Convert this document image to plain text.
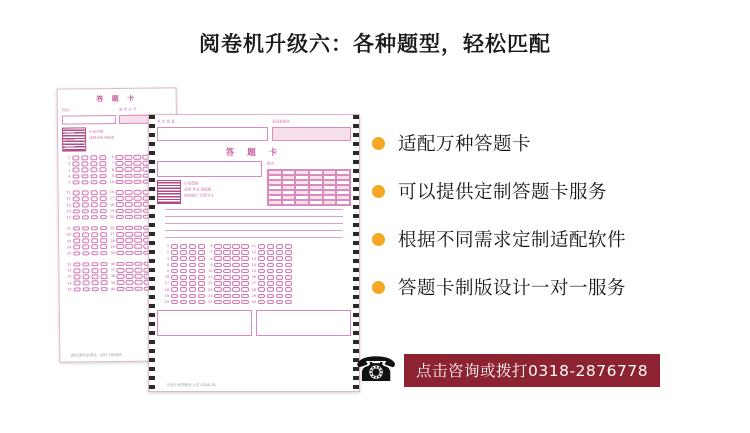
阅卷机升级六：各种题型，轻松匹配
答 题 卡
姓名：	准 考 证 号
小班型群
成绩分析功能值
1	6
2	7
3	8
4	9
5	10
11	16
12	17
13	18
14	19
15	20
21	26
22	27
23	28
24	29
25	30
31	36
32	37
33	38
34	39
35	40
请用2B铅笔填涂，保持卡面清洁
考 生 信 息	条码粘贴处
答 题 卡
小班型群
成绩 作业 班级组
阅卷统计 反馈为主
姓名
1	6	11
2	7	12
3	8	13
4	9	14
5	10	15
16	21	26
17	22	27
18	23	28
19	24	29
20	25	30
河北小班型统计公司 0318-28
适配万种答题卡
可以提供定制答题卡服务
根据不同需求定制适配软件
答题卡制版设计一对一服务
☎	点击咨询或拨打0318-2876778
